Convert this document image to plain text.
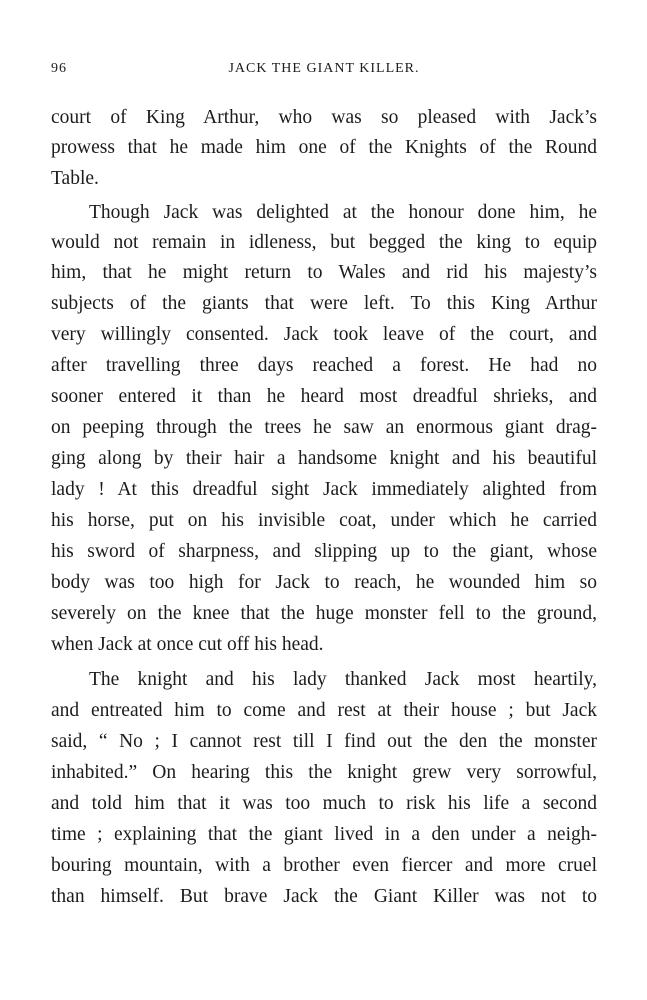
96	JACK THE GIANT KILLER.
court of King Arthur, who was so pleased with Jack’s
prowess that he made him one of the Knights of the Round
Table.
Though Jack was delighted at the honour done him, he
would not remain in idleness, but begged the king to equip
him, that he might return to Wales and rid his majesty’s
subjects of the giants that were left. To this King Arthur
very willingly consented. Jack took leave of the court, and
after travelling three days reached a forest. He had no
sooner entered it than he heard most dreadful shrieks, and
on peeping through the trees he saw an enormous giant drag-
ging along by their hair a handsome knight and his beautiful
lady ! At this dreadful sight Jack immediately alighted from
his horse, put on his invisible coat, under which he carried
his sword of sharpness, and slipping up to the giant, whose
body was too high for Jack to reach, he wounded him so
severely on the knee that the huge monster fell to the ground,
when Jack at once cut off his head.
The knight and his lady thanked Jack most heartily,
and entreated him to come and rest at their house ; but Jack
said, “ No ; I cannot rest till I find out the den the monster
inhabited.” On hearing this the knight grew very sorrowful,
and told him that it was too much to risk his life a second
time ; explaining that the giant lived in a den under a neigh-
bouring mountain, with a brother even fiercer and more cruel
than himself. But brave Jack the Giant Killer was not to
